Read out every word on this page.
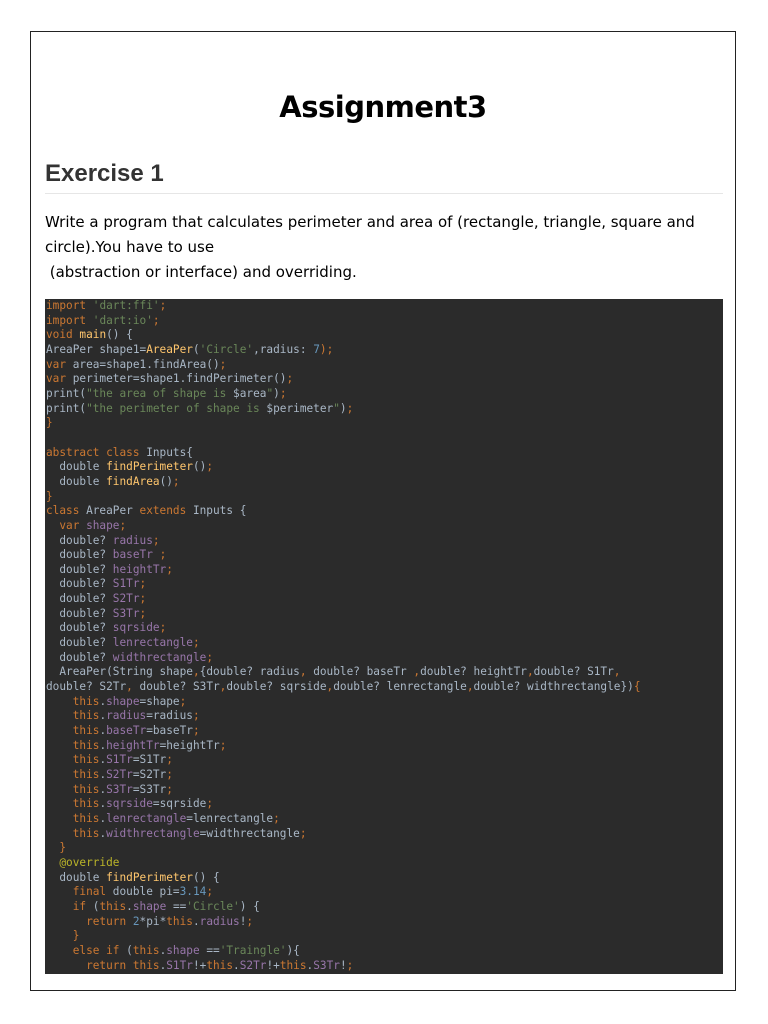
Assignment3
Exercise 1
Write a program that calculates perimeter and area of (rectangle, triangle, square and
circle).You have to use
(abstraction or interface) and overriding.
import 'dart:ffi';
import 'dart:io';
void main() {
AreaPer shape1=AreaPer('Circle',radius: 7);
var area=shape1.findArea();
var perimeter=shape1.findPerimeter();
print("the area of shape is $area");
print("the perimeter of shape is $perimeter");
}

abstract class Inputs{
double findPerimeter();
double findArea();
}
class AreaPer extends Inputs {
var shape;
double? radius;
double? baseTr ;
double? heightTr;
double? S1Tr;
double? S2Tr;
double? S3Tr;
double? sqrside;
double? lenrectangle;
double? widthrectangle;
AreaPer(String shape,{double? radius, double? baseTr ,double? heightTr,double? S1Tr,
double? S2Tr, double? S3Tr,double? sqrside,double? lenrectangle,double? widthrectangle}){
this.shape=shape;
this.radius=radius;
this.baseTr=baseTr;
this.heightTr=heightTr;
this.S1Tr=S1Tr;
this.S2Tr=S2Tr;
this.S3Tr=S3Tr;
this.sqrside=sqrside;
this.lenrectangle=lenrectangle;
this.widthrectangle=widthrectangle;
}
@override
double findPerimeter() {
final double pi=3.14;
if (this.shape =='Circle') {
return 2*pi*this.radius!;
}
else if (this.shape =='Traingle'){
return this.S1Tr!+this.S2Tr!+this.S3Tr!;
